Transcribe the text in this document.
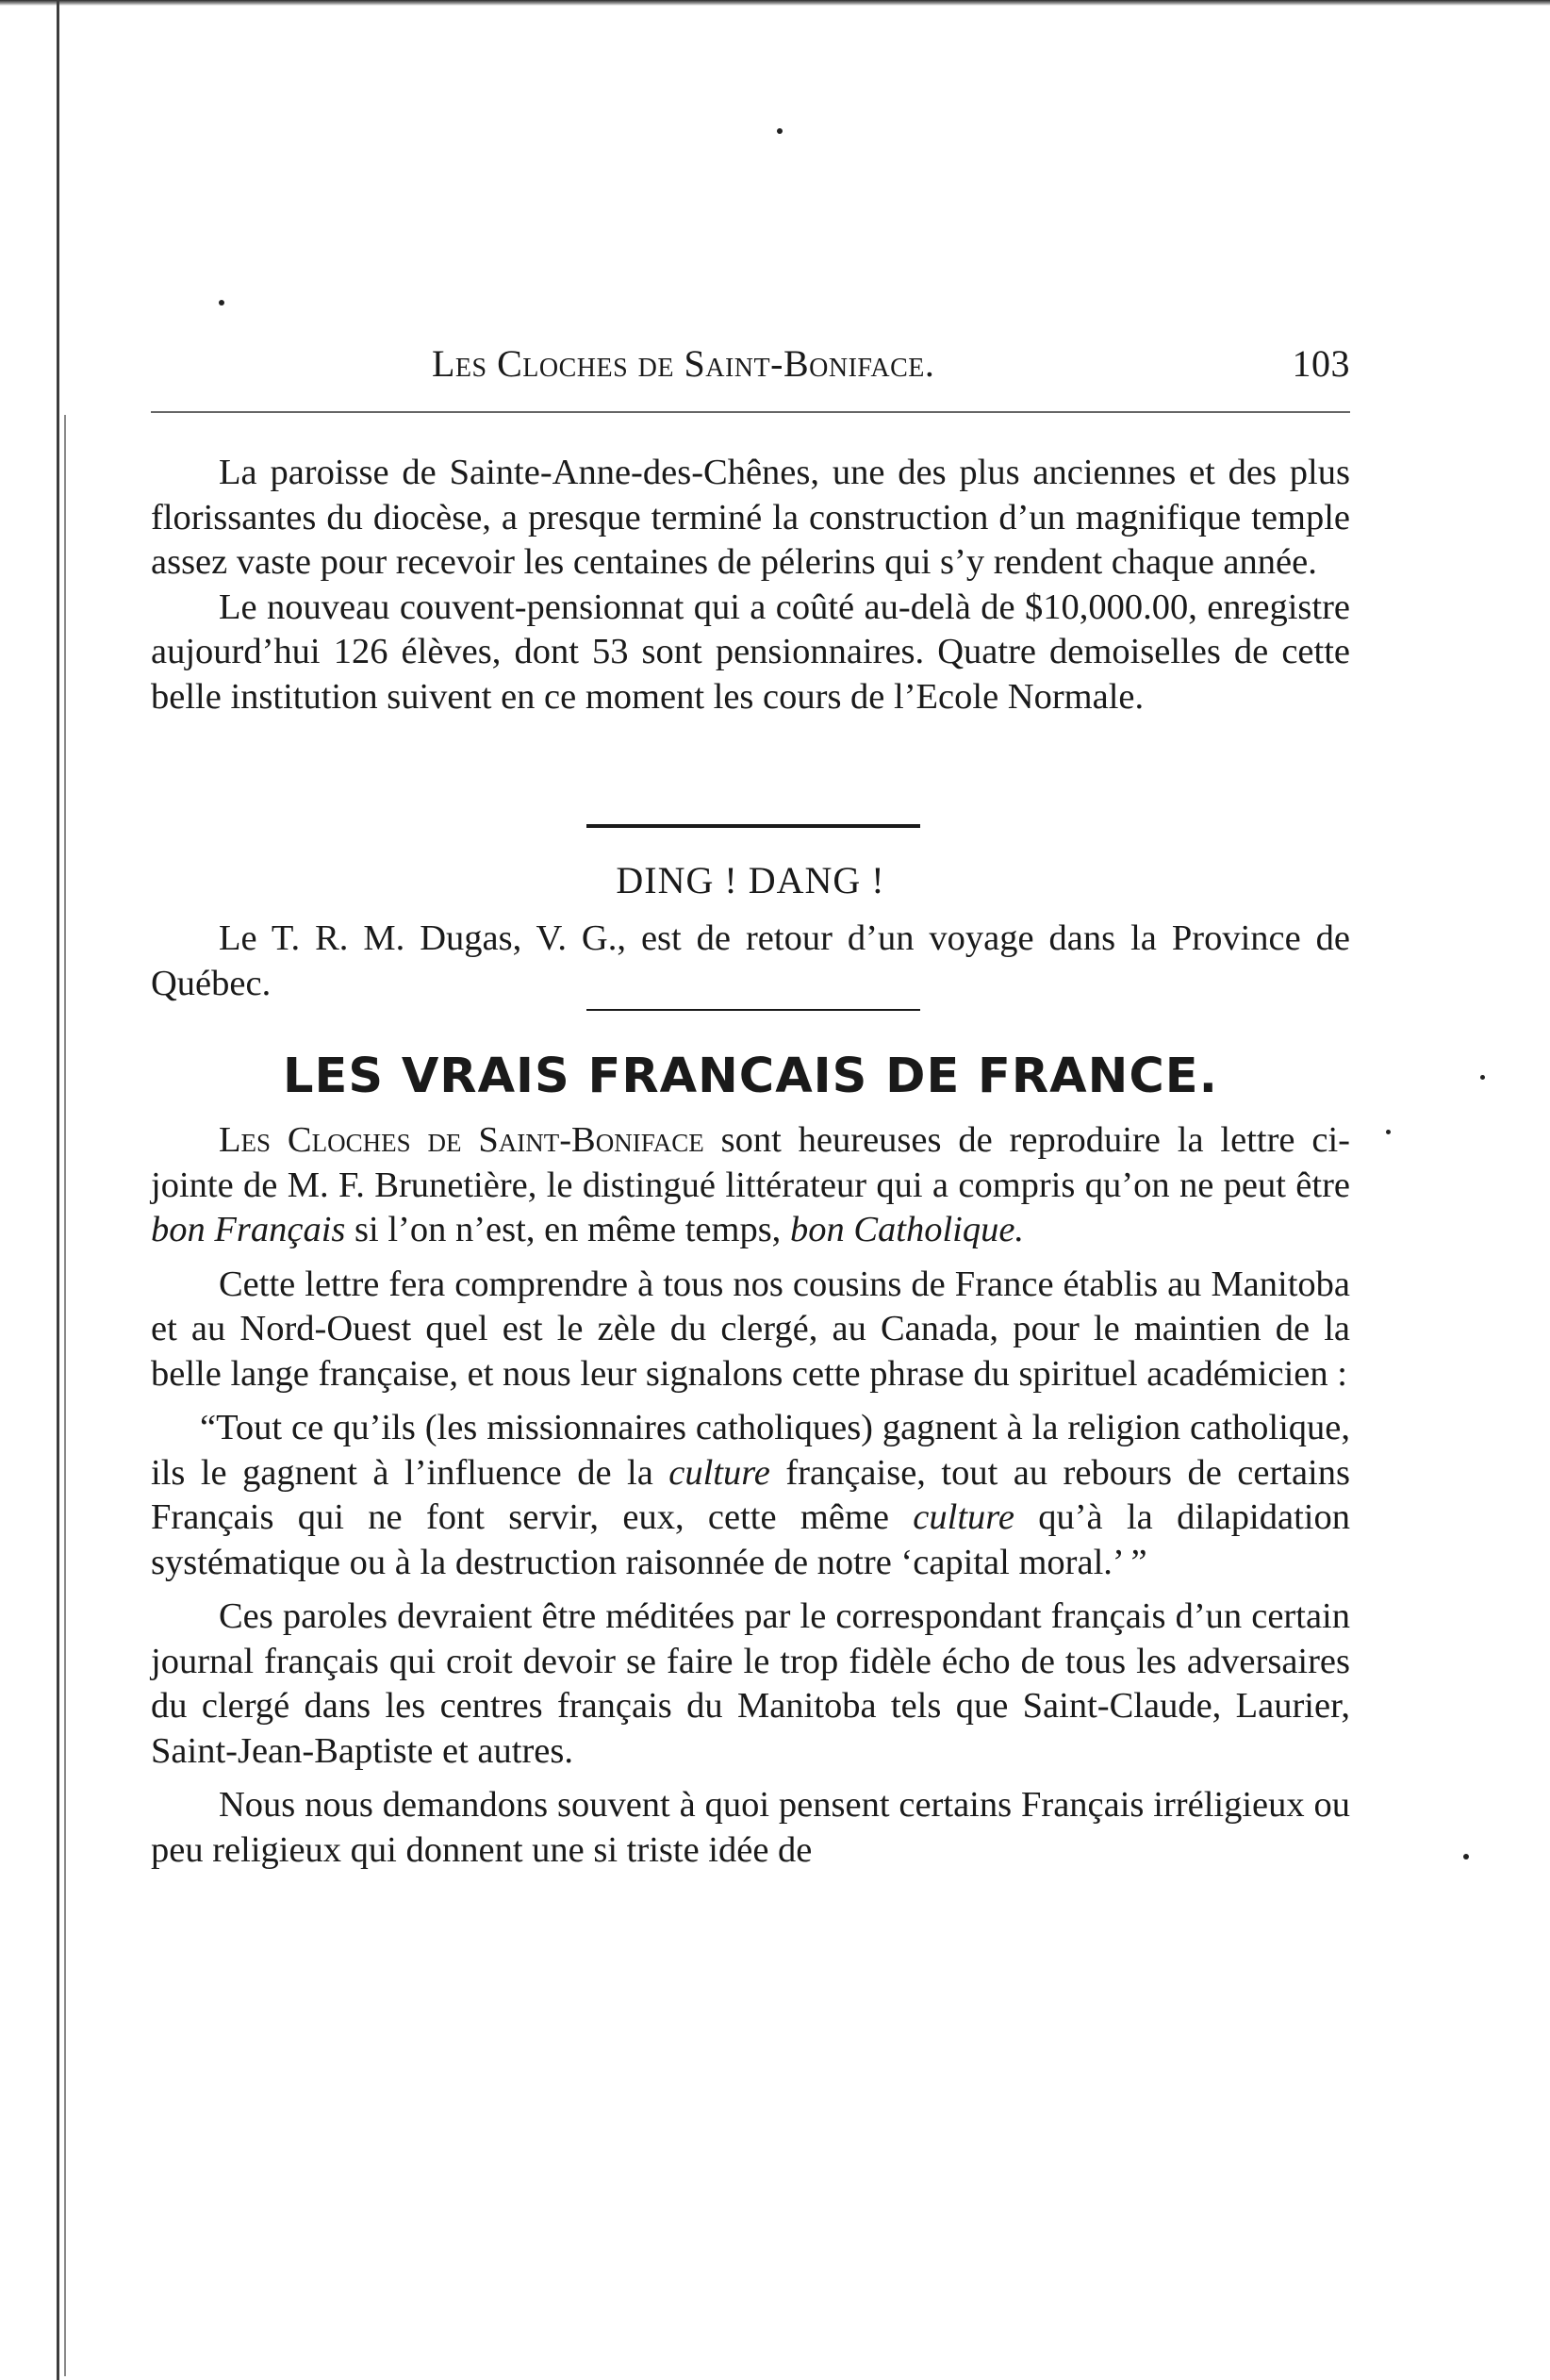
Les Cloches de Saint-Boniface.	103

La paroisse de Sainte-Anne-des-Chênes, une des plus anciennes et des plus florissantes du diocèse, a presque terminé la construction d’un magnifique temple assez vaste pour recevoir les centaines de pélerins qui s’y rendent chaque année.

Le nouveau couvent-pensionnat qui a coûté au-delà de $10,000.00, enregistre aujourd’hui 126 élèves, dont 53 sont pensionnaires. Quatre demoiselles de cette belle institution suivent en ce moment les cours de l’Ecole Normale.

DING ! DANG !

Le T. R. M. Dugas, V. G., est de retour d’un voyage dans la Province de Québec.

LES VRAIS FRANCAIS DE FRANCE.

Les Cloches de Saint-Boniface sont heureuses de reproduire la lettre ci-jointe de M. F. Brunetière, le distingué littérateur qui a compris qu’on ne peut être bon Français si l’on n’est, en même temps, bon Catholique.

Cette lettre fera comprendre à tous nos cousins de France établis au Manitoba et au Nord-Ouest quel est le zèle du clergé, au Canada, pour le maintien de la belle lange française, et nous leur signalons cette phrase du spirituel académicien :

“Tout ce qu’ils (les missionnaires catholiques) gagnent à la religion catholique, ils le gagnent à l’influence de la culture française, tout au rebours de certains Français qui ne font servir, eux, cette même culture qu’à la dilapidation systématique ou à la destruction raisonnée de notre ‘capital moral.’ ”

Ces paroles devraient être méditées par le correspondant français d’un certain journal français qui croit devoir se faire le trop fidèle écho de tous les adversaires du clergé dans les centres français du Manitoba tels que Saint-Claude, Laurier, Saint-Jean-Baptiste et autres.

Nous nous demandons souvent à quoi pensent certains Français irréligieux ou peu religieux qui donnent une si triste idée de
